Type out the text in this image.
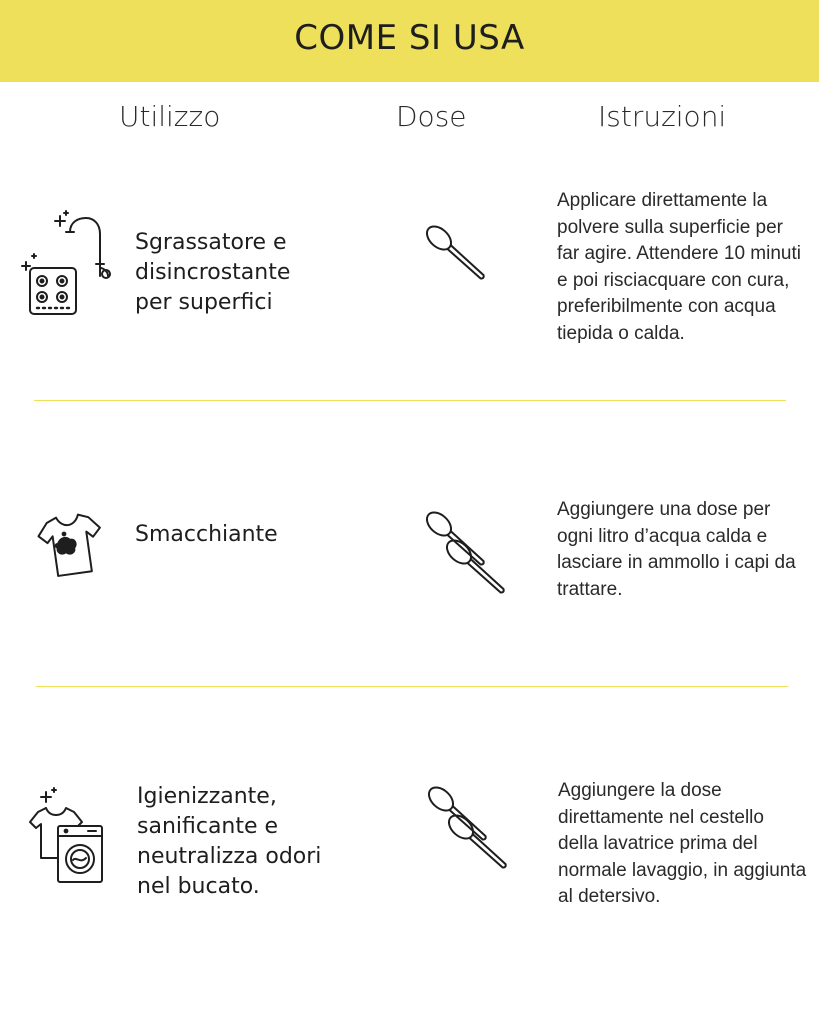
COME SI USA
Utilizzo	Dose	Istruzioni
Sgrassatore e
disincrostante
per superfici
Applicare direttamente la polvere sulla superficie per far agire. Attendere 10 minuti e poi risciacquare con cura, preferibilmente con acqua tiepida o calda.
Smacchiante
Aggiungere una dose per ogni litro d’acqua calda e lasciare in ammollo i capi da trattare.
Igienizzante,
sanificante e
neutralizza odori
nel bucato.
Aggiungere la dose direttamente nel cestello della lavatrice prima del normale lavaggio, in aggiunta al detersivo.
